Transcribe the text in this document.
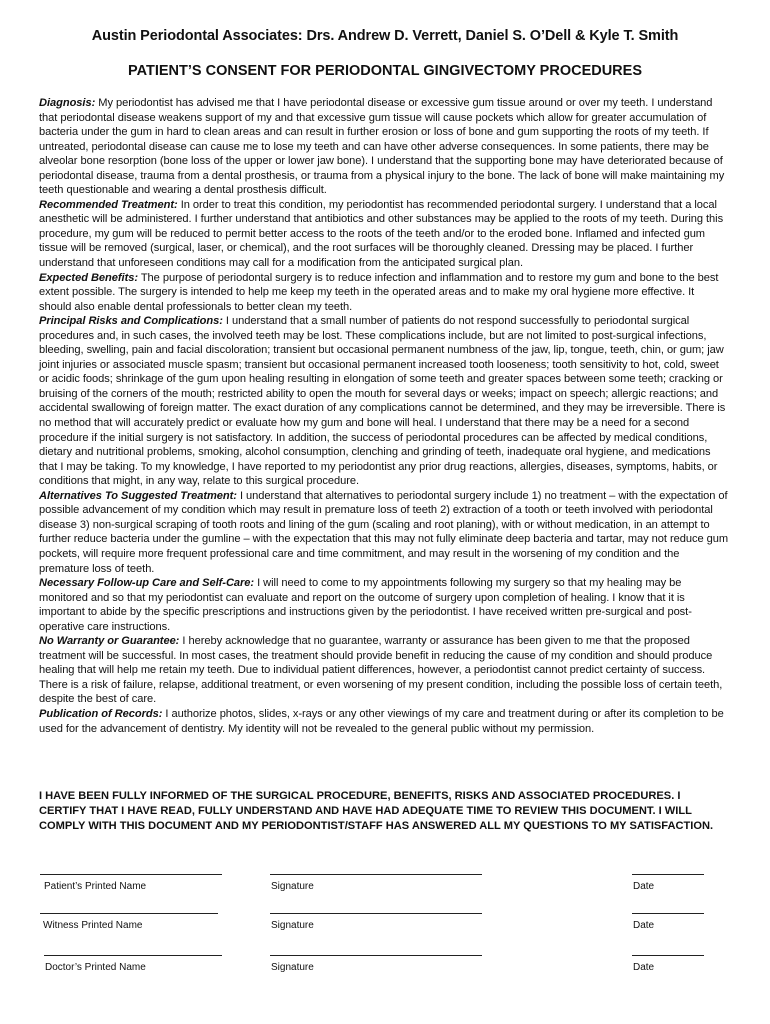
Austin Periodontal Associates: Drs. Andrew D. Verrett, Daniel S. O’Dell & Kyle T. Smith
PATIENT’S CONSENT FOR PERIODONTAL GINGIVECTOMY PROCEDURES

Diagnosis: My periodontist has advised me that I have periodontal disease or excessive gum tissue around or over my teeth. I understand that periodontal disease weakens support of my and that excessive gum tissue will cause pockets which allow for greater accumulation of bacteria under the gum in hard to clean areas and can result in further erosion or loss of bone and gum supporting the roots of my teeth. If untreated, periodontal disease can cause me to lose my teeth and can have other adverse consequences. In some patients, there may be alveolar bone resorption (bone loss of the upper or lower jaw bone). I understand that the supporting bone may have deteriorated because of periodontal disease, trauma from a dental prosthesis, or trauma from a physical injury to the bone. The lack of bone will make maintaining my teeth questionable and wearing a dental prosthesis difficult.

Recommended Treatment: In order to treat this condition, my periodontist has recommended periodontal surgery. I understand that a local anesthetic will be administered. I further understand that antibiotics and other substances may be applied to the roots of my teeth. During this procedure, my gum will be reduced to permit better access to the roots of the teeth and/or to the eroded bone. Inflamed and infected gum tissue will be removed (surgical, laser, or chemical), and the root surfaces will be thoroughly cleaned. Dressing may be placed. I further understand that unforeseen conditions may call for a modification from the anticipated surgical plan.

Expected Benefits: The purpose of periodontal surgery is to reduce infection and inflammation and to restore my gum and bone to the best extent possible. The surgery is intended to help me keep my teeth in the operated areas and to make my oral hygiene more effective. It should also enable dental professionals to better clean my teeth.

Principal Risks and Complications: I understand that a small number of patients do not respond successfully to periodontal surgical procedures and, in such cases, the involved teeth may be lost. These complications include, but are not limited to post-surgical infections, bleeding, swelling, pain and facial discoloration; transient but occasional permanent numbness of the jaw, lip, tongue, teeth, chin, or gum; jaw joint injuries or associated muscle spasm; transient but occasional permanent increased tooth looseness; tooth sensitivity to hot, cold, sweet or acidic foods; shrinkage of the gum upon healing resulting in elongation of some teeth and greater spaces between some teeth; cracking or bruising of the corners of the mouth; restricted ability to open the mouth for several days or weeks; impact on speech; allergic reactions; and accidental swallowing of foreign matter. The exact duration of any complications cannot be determined, and they may be irreversible. There is no method that will accurately predict or evaluate how my gum and bone will heal. I understand that there may be a need for a second procedure if the initial surgery is not satisfactory. In addition, the success of periodontal procedures can be affected by medical conditions, dietary and nutritional problems, smoking, alcohol consumption, clenching and grinding of teeth, inadequate oral hygiene, and medications that I may be taking. To my knowledge, I have reported to my periodontist any prior drug reactions, allergies, diseases, symptoms, habits, or conditions that might, in any way, relate to this surgical procedure.

Alternatives To Suggested Treatment: I understand that alternatives to periodontal surgery include 1) no treatment – with the expectation of possible advancement of my condition which may result in premature loss of teeth 2) extraction of a tooth or teeth involved with periodontal disease 3) non-surgical scraping of tooth roots and lining of the gum (scaling and root planing), with or without medication, in an attempt to further reduce bacteria under the gumline – with the expectation that this may not fully eliminate deep bacteria and tartar, may not reduce gum pockets, will require more frequent professional care and time commitment, and may result in the worsening of my condition and the premature loss of teeth.

Necessary Follow-up Care and Self-Care: I will need to come to my appointments following my surgery so that my healing may be monitored and so that my periodontist can evaluate and report on the outcome of surgery upon completion of healing. I know that it is important to abide by the specific prescriptions and instructions given by the periodontist. I have received written pre-surgical and post-operative care instructions.

No Warranty or Guarantee: I hereby acknowledge that no guarantee, warranty or assurance has been given to me that the proposed treatment will be successful. In most cases, the treatment should provide benefit in reducing the cause of my condition and should produce healing that will help me retain my teeth. Due to individual patient differences, however, a periodontist cannot predict certainty of success. There is a risk of failure, relapse, additional treatment, or even worsening of my present condition, including the possible loss of certain teeth, despite the best of care.

Publication of Records: I authorize photos, slides, x-rays or any other viewings of my care and treatment during or after its completion to be used for the advancement of dentistry. My identity will not be revealed to the general public without my permission.

I HAVE BEEN FULLY INFORMED OF THE SURGICAL PROCEDURE, BENEFITS, RISKS AND ASSOCIATED PROCEDURES. I CERTIFY THAT I HAVE READ, FULLY UNDERSTAND AND HAVE HAD ADEQUATE TIME TO REVIEW THIS DOCUMENT. I WILL COMPLY WITH THIS DOCUMENT AND MY PERIODONTIST/STAFF HAS ANSWERED ALL MY QUESTIONS TO MY SATISFACTION.
Patient’s Printed Name	Signature	Date
Witness Printed Name	Signature	Date
Doctor’s Printed Name	Signature	Date
